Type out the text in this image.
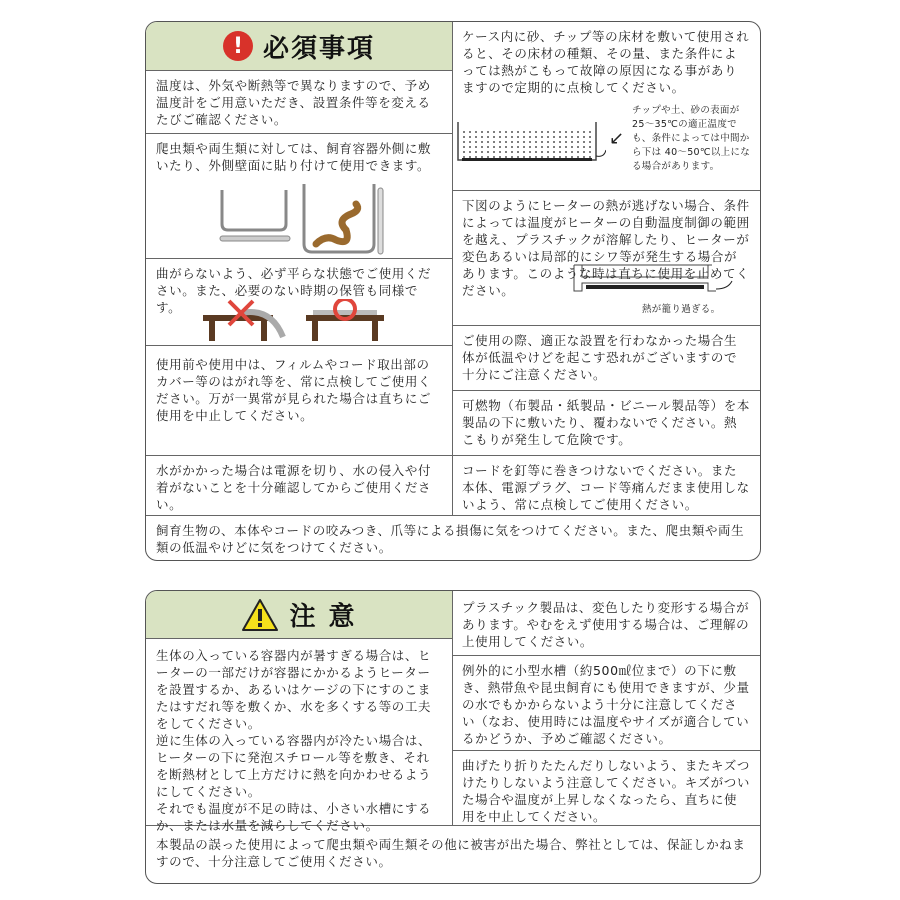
! 必須事項
温度は、外気や断熱等で異なりますので、予め温度計をご用意いただき、設置条件等を変えるたびご確認ください。
爬虫類や両生類に対しては、飼育容器外側に敷いたり、外側壁面に貼り付けて使用できます。
曲がらないよう、必ず平らな状態でご使用ください。また、必要のない時期の保管も同様です。
使用前や使用中は、フィルムやコード取出部のカバー等のはがれ等を、常に点検してご使用ください。万が一異常が見られた場合は直ちにご使用を中止してください。
水がかかった場合は電源を切り、水の侵入や付着がないことを十分確認してからご使用ください。
ケース内に砂、チップ等の床材を敷いて使用されると、その床材の種類、その量、また条件によっては熱がこもって故障の原因になる事がありますので定期的に点検してください。
↙
チップや土、砂の表面が 25～35℃の適正温度でも、条件によっては中間から下は 40～50℃以上になる場合があります。
下図のようにヒーターの熱が逃げない場合、条件によっては温度がヒーターの自動温度制御の範囲を越え、プラスチックが溶解したり、ヒーターが変色あるいは局部的にシワ等が発生する場合があります。このような時は直ちに使用を止めてください。
熱が籠り過ぎる。
ご使用の際、適正な設置を行わなかった場合生体が低温やけどを起こす恐れがございますので十分にご注意ください。
可燃物（布製品・紙製品・ビニール製品等）を本製品の下に敷いたり、覆わないでください。熱こもりが発生して危険です。
コードを釘等に巻きつけないでください。また本体、電源プラグ、コード等痛んだまま使用しないよう、常に点検してご使用ください。
飼育生物の、本体やコードの咬みつき、爪等による損傷に気をつけてください。また、爬虫類や両生類の低温やけどに気をつけてください。
注 意
生体の入っている容器内が暑すぎる場合は、ヒーターの一部だけが容器にかかるようヒーターを設置するか、あるいはケージの下にすのこまたはすだれ等を敷くか、水を多くする等の工夫をしてください。
逆に生体の入っている容器内が冷たい場合は、ヒーターの下に発泡スチロール等を敷き、それを断熱材として上方だけに熱を向かわせるようにしてください。
それでも温度が不足の時は、小さい水槽にするか、または水量を減らしてください。
プラスチック製品は、変色したり変形する場合があります。やむをえず使用する場合は、ご理解の上使用してください。
例外的に小型水槽（約500㎖位まで）の下に敷き、熱帯魚や昆虫飼育にも使用できますが、少量の水でもかからないよう十分に注意してください（なお、使用時には温度やサイズが適合しているかどうか、予めご確認ください。
曲げたり折りたたんだりしないよう、またキズつけたりしないよう注意してください。キズがついた場合や温度が上昇しなくなったら、直ちに使用を中止してください。
本製品の誤った使用によって爬虫類や両生類その他に被害が出た場合、弊社としては、保証しかねますので、十分注意してご使用ください。
